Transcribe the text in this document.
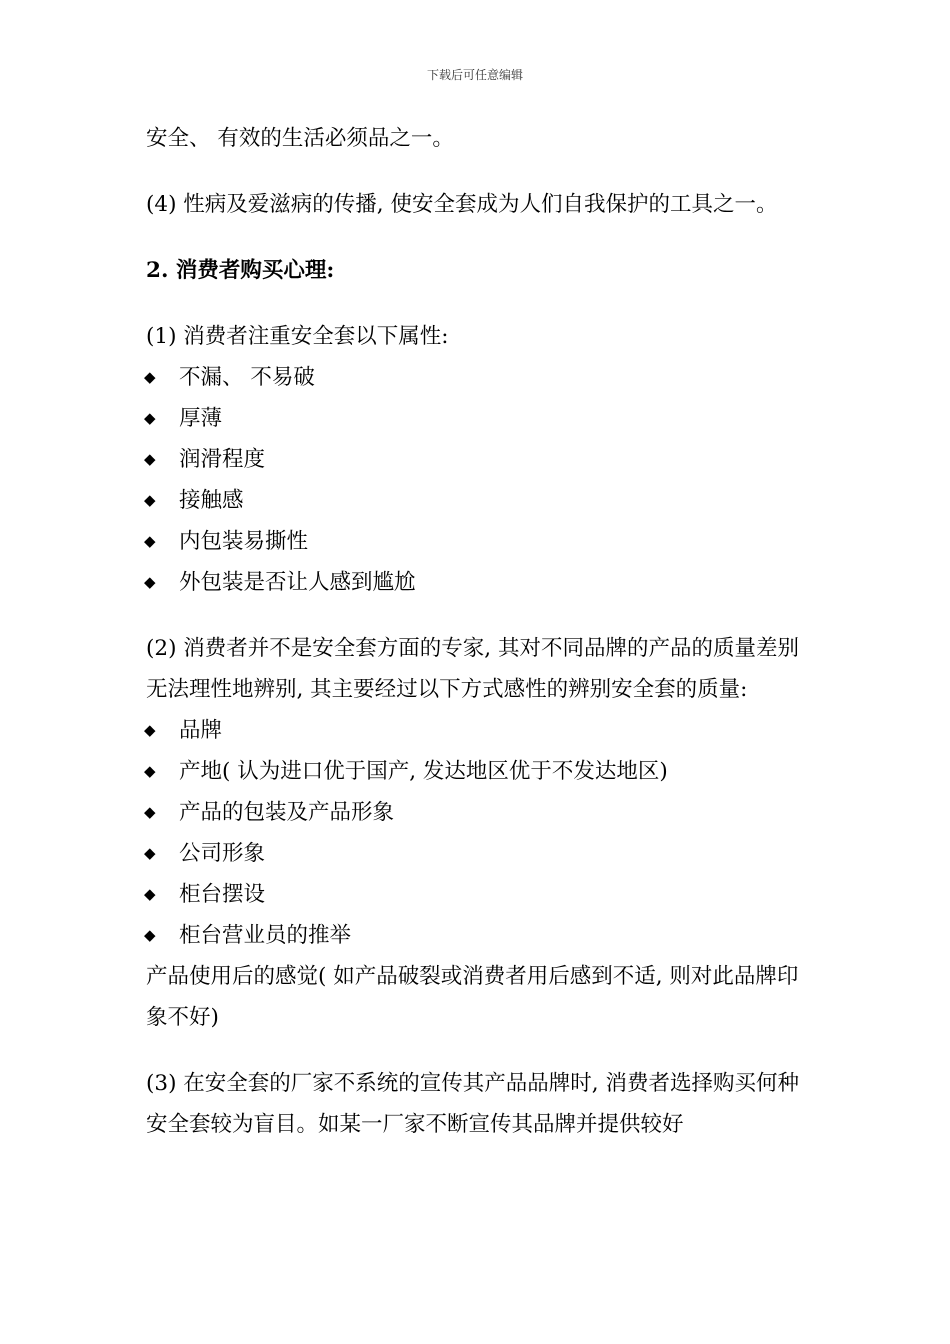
下载后可任意编辑

安全、 有效的生活必须品之一。

(4) 性病及爱滋病的传播, 使安全套成为人们自我保护的工具之一。

2. 消费者购买心理:

(1) 消费者注重安全套以下属性:

◆	不漏、 不易破
◆	厚薄
◆	润滑程度
◆	接触感
◆	内包装易撕性
◆	外包装是否让人感到尴尬

(2) 消费者并不是安全套方面的专家, 其对不同品牌的产品的质量差别无法理性地辨别, 其主要经过以下方式感性的辨别安全套的质量:

◆	品牌
◆	产地( 认为进口优于国产, 发达地区优于不发达地区)
◆	产品的包装及产品形象
◆	公司形象
◆	柜台摆设
◆	柜台营业员的推举

产品使用后的感觉( 如产品破裂或消费者用后感到不适, 则对此品牌印象不好)

(3) 在安全套的厂家不系统的宣传其产品品牌时, 消费者选择购买何种安全套较为盲目。如某一厂家不断宣传其品牌并提供较好
